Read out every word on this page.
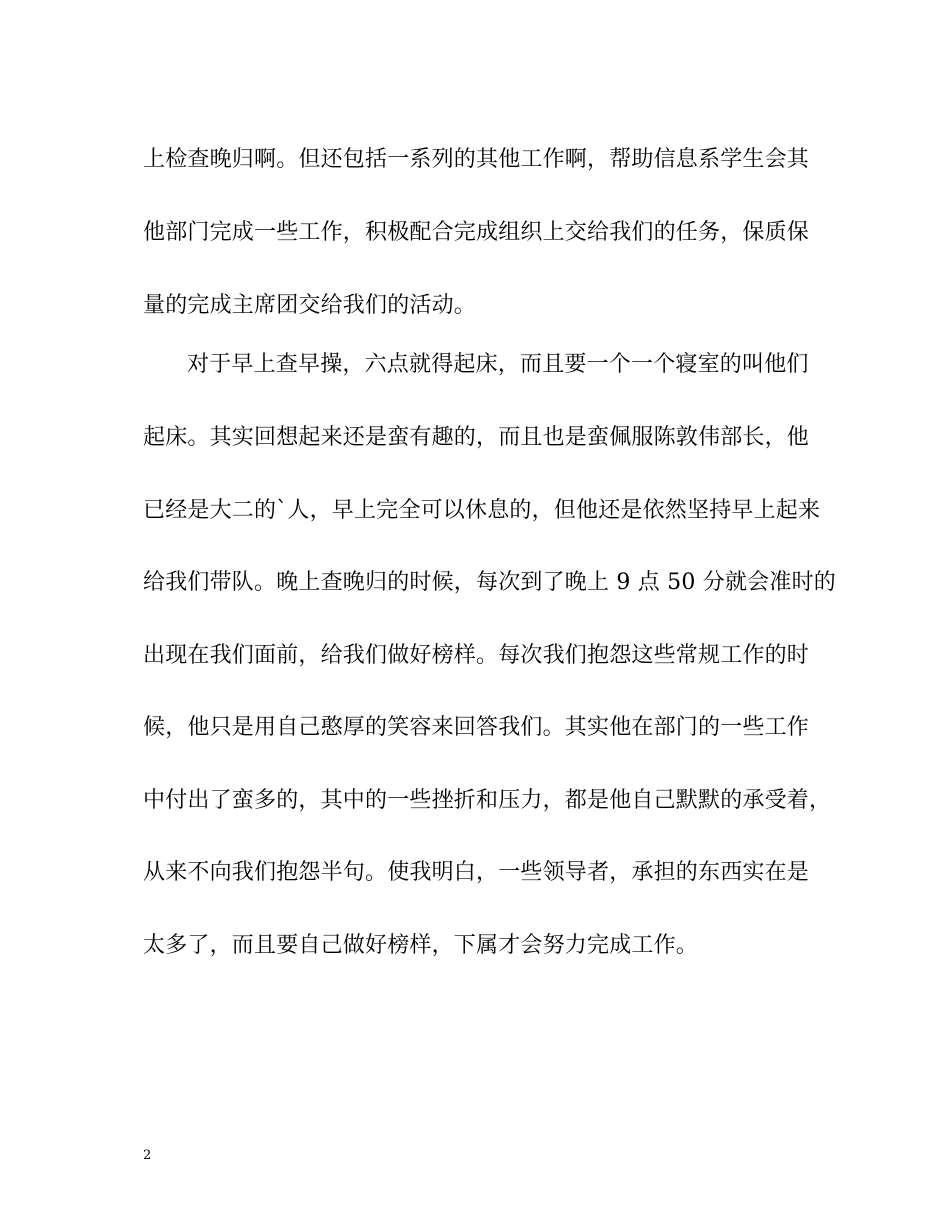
上检查晚归啊。但还包括一系列的其他工作啊，帮助信息系学生会其
他部门完成一些工作，积极配合完成组织上交给我们的任务，保质保
量的完成主席团交给我们的活动。
对于早上查早操，六点就得起床，而且要一个一个寝室的叫他们
起床。其实回想起来还是蛮有趣的，而且也是蛮佩服陈敦伟部长，他
已经是大二的`人，早上完全可以休息的，但他还是依然坚持早上起来
给我们带队。晚上查晚归的时候，每次到了晚上 9 点 50 分就会准时的
出现在我们面前，给我们做好榜样。每次我们抱怨这些常规工作的时
候，他只是用自己憨厚的笑容来回答我们。其实他在部门的一些工作
中付出了蛮多的，其中的一些挫折和压力，都是他自己默默的承受着，
从来不向我们抱怨半句。使我明白，一些领导者，承担的东西实在是
太多了，而且要自己做好榜样，下属才会努力完成工作。
2
